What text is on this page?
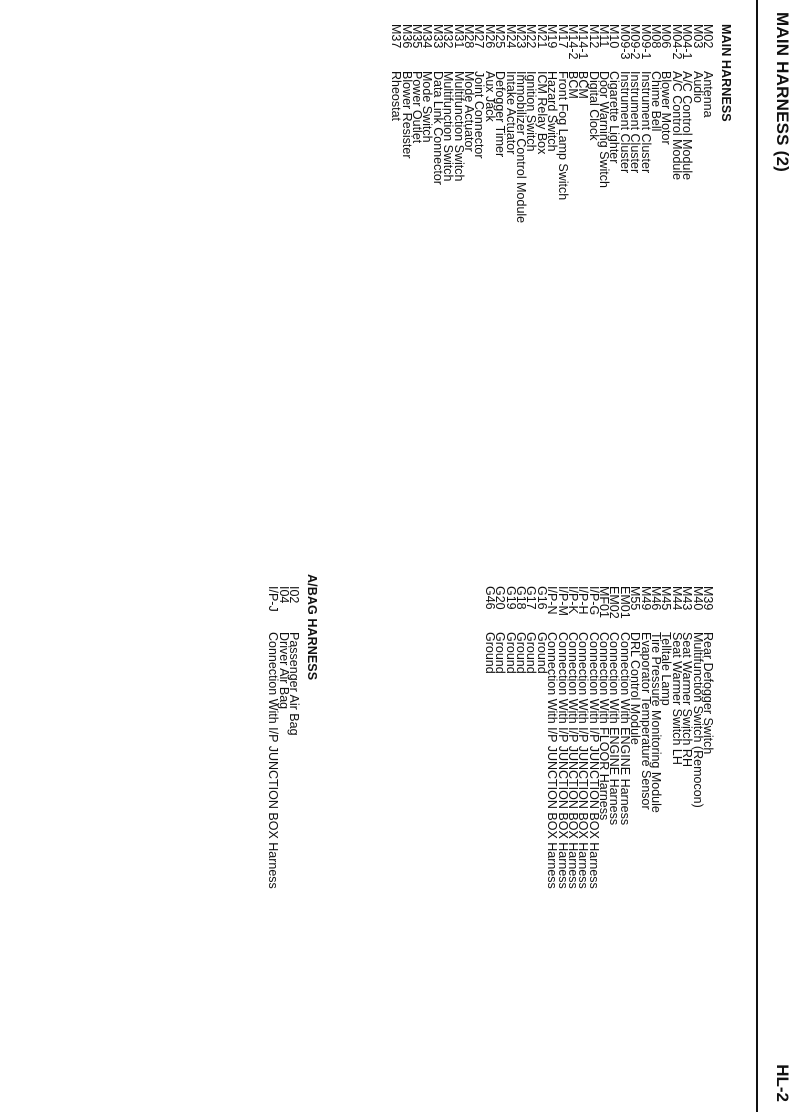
MAIN HARNESS (2)
HL-2
MAIN HARNESS
M02
Antenna
M03
Audio
M04-1
A/C Control Module
M04-2
A/C Control Module
M06
Blower Motor
M08
Chime Bell
M09-1
Instrument Cluster
M09-2
Instrument Cluster
M09-3
Instrument Cluster
M10
Cigarette Lighter
M11
Door Warning Switch
M12
Digital Clock
M14-1
BCM
M14-2
BCM
M17
Front Fog Lamp Switch
M19
Hazard Switch
M21
ICM Relay Box
M22
Ignition Switch
M23
Immobilizer Control Module
M24
Intake Actuator
M25
Defogger Timer
M26
Aux Jack
M27
Joint Connector
M28
Mode Actuator
M31
Multifunction Switch
M32
Multifunction Switch
M33
Data Link Connector
M34
Mode Switch
M35
Power Outlet
M36
Blower Resister
M37
Rheostat
M39
Rear Defogger Switch
M40
Multifunction Switch (Remocon)
M43
Seat Warmer Switch RH
M44
Seat Warmer Switch LH
M45
Telltale Lamp
M46
Tire Pressure Monitoring Module
M49
Evaporator Temperature Sensor
M55
DRL Control Module
EM01
Connection With ENGINE Harness
EM02
Connection With ENGINE Harness
MF01
Connection With FLOOR Harness
I/P-G
Connection With I/P JUNCTION BOX Harness
I/P-H
Connection With I/P JUNCTION BOX Harness
I/P-K
Connection With I/P JUNCTION BOX Harness
I/P-M
Connection With I/P JUNCTION BOX Harness
I/P-N
Connection With I/P JUNCTION BOX Harness
G16
Ground
G17
Ground
G18
Ground
G19
Ground
G20
Ground
G46
Ground
A/BAG HARNESS
I02
Passenger Air Bag
I04
Driver Air Bag
I/P-J
Connection With I/P JUNCTION BOX Harness
